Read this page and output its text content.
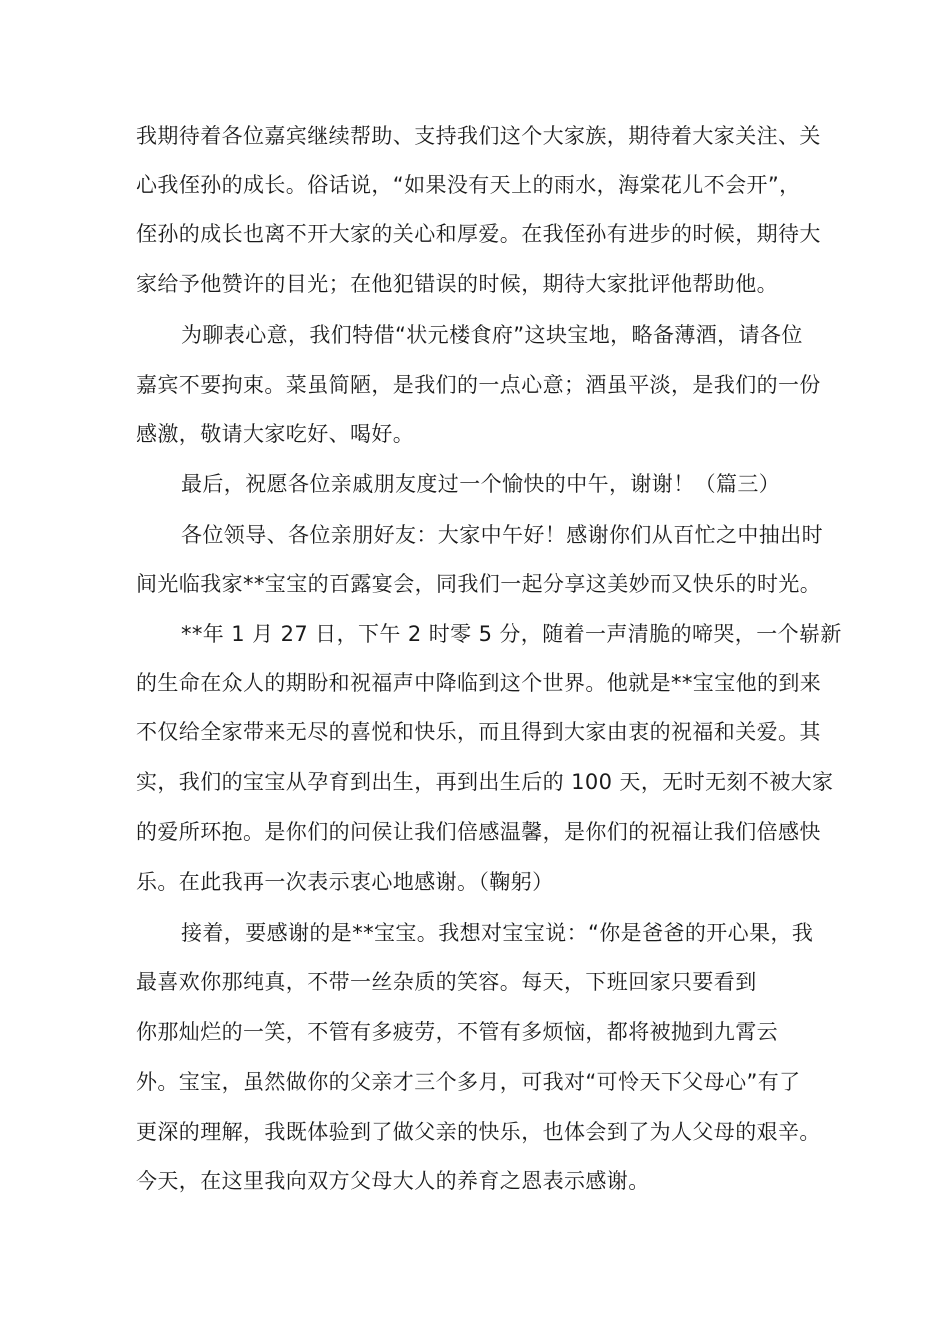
我期待着各位嘉宾继续帮助、支持我们这个大家族，期待着大家关注、关
心我侄孙的成长。俗话说，“如果没有天上的雨水，海棠花儿不会开”，
侄孙的成长也离不开大家的关心和厚爱。在我侄孙有进步的时候，期待大
家给予他赞许的目光；在他犯错误的时候，期待大家批评他帮助他。
为聊表心意，我们特借“状元楼食府”这块宝地，略备薄酒，请各位
嘉宾不要拘束。菜虽简陋，是我们的一点心意；酒虽平淡，是我们的一份
感激，敬请大家吃好、喝好。
最后，祝愿各位亲戚朋友度过一个愉快的中午，谢谢！（篇三）
各位领导、各位亲朋好友：大家中午好！感谢你们从百忙之中抽出时
间光临我家**宝宝的百露宴会，同我们一起分享这美妙而又快乐的时光。
**年 1 月 27 日，下午 2 时零 5 分，随着一声清脆的啼哭，一个崭新
的生命在众人的期盼和祝福声中降临到这个世界。他就是**宝宝他的到来
不仅给全家带来无尽的喜悦和快乐，而且得到大家由衷的祝福和关爱。其
实，我们的宝宝从孕育到出生，再到出生后的 100 天，无时无刻不被大家
的爱所环抱。是你们的问侯让我们倍感温馨，是你们的祝福让我们倍感快
乐。在此我再一次表示衷心地感谢。（鞠躬）
接着，要感谢的是**宝宝。我想对宝宝说：“你是爸爸的开心果，我
最喜欢你那纯真，不带一丝杂质的笑容。每天，下班回家只要看到
你那灿烂的一笑，不管有多疲劳，不管有多烦恼，都将被抛到九霄云
外。宝宝，虽然做你的父亲才三个多月，可我对“可怜天下父母心”有了
更深的理解，我既体验到了做父亲的快乐，也体会到了为人父母的艰辛。
今天，在这里我向双方父母大人的养育之恩表示感谢。
